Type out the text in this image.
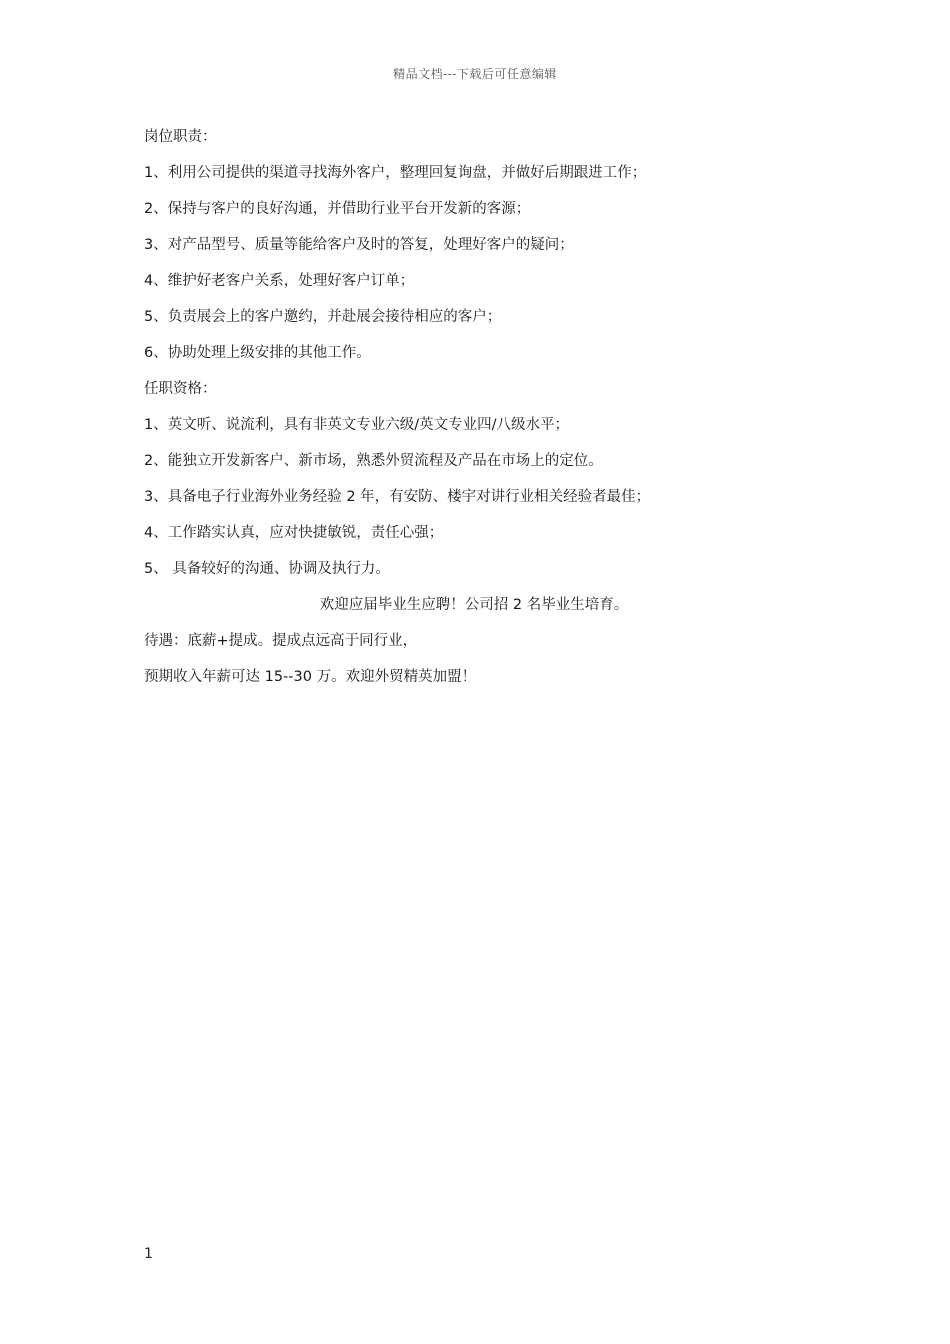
精品文档---下载后可任意编辑
岗位职责：
1、利用公司提供的渠道寻找海外客户，整理回复询盘，并做好后期跟进工作；
2、保持与客户的良好沟通，并借助行业平台开发新的客源；
3、对产品型号、质量等能给客户及时的答复，处理好客户的疑问；
4、维护好老客户关系，处理好客户订单；
5、负责展会上的客户邀约，并赴展会接待相应的客户；
6、协助处理上级安排的其他工作。
任职资格：
1、英文听、说流利，具有非英文专业六级/英文专业四/八级水平；
2、能独立开发新客户、新市场，熟悉外贸流程及产品在市场上的定位。
3、具备电子行业海外业务经验 2 年，有安防、楼宇对讲行业相关经验者最佳；
4、工作踏实认真，应对快捷敏锐，责任心强；
5、 具备较好的沟通、协调及执行力。
欢迎应届毕业生应聘！公司招 2 名毕业生培育。
待遇：底薪+提成。提成点远高于同行业，
预期收入年薪可达 15--30 万。欢迎外贸精英加盟！
1
